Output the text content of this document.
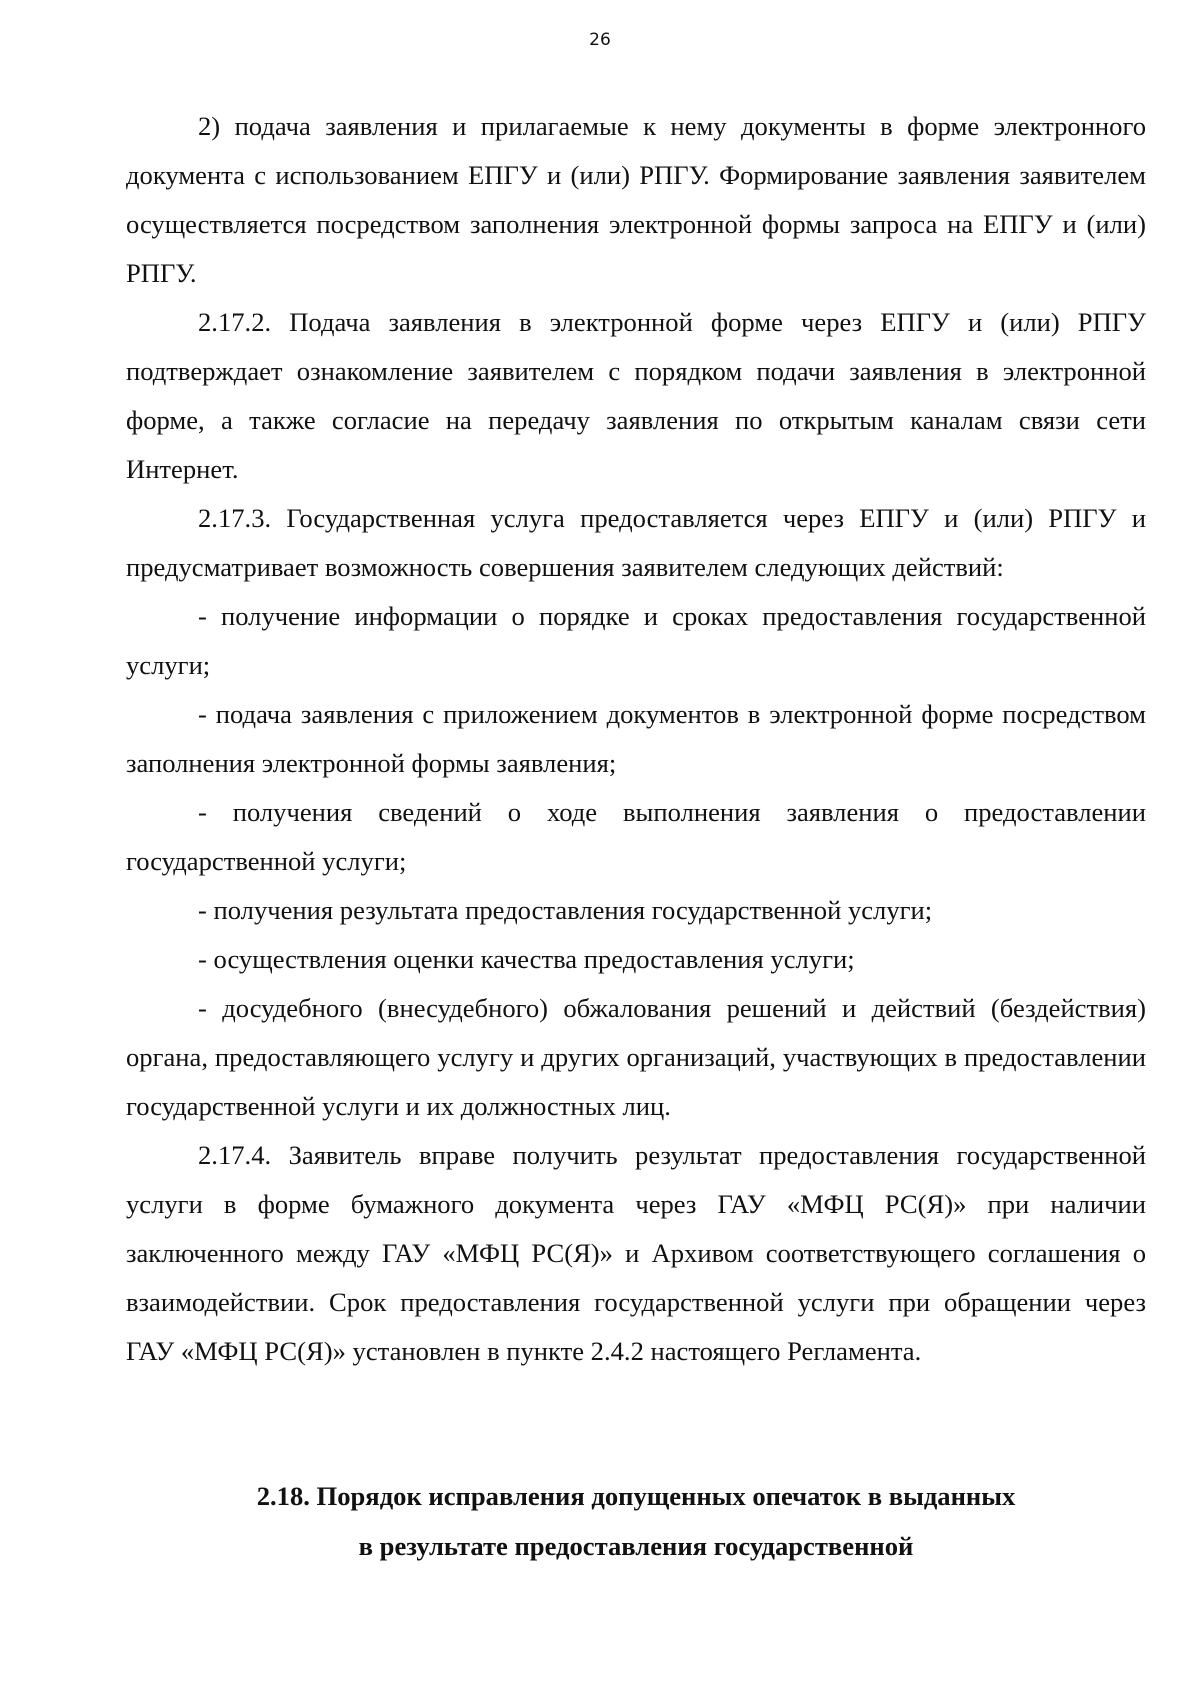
26

2) подача заявления и прилагаемые к нему документы в форме электронного документа с использованием ЕПГУ и (или) РПГУ. Формирование заявления заявителем осуществляется посредством заполнения электронной формы запроса на ЕПГУ и (или) РПГУ.

2.17.2. Подача заявления в электронной форме через ЕПГУ и (или) РПГУ подтверждает ознакомление заявителем с порядком подачи заявления в электронной форме, а также согласие на передачу заявления по открытым каналам связи сети Интернет.

2.17.3. Государственная услуга предоставляется через ЕПГУ и (или) РПГУ и предусматривает возможность совершения заявителем следующих действий:

- получение информации о порядке и сроках предоставления государственной услуги;

- подача заявления с приложением документов в электронной форме посредством заполнения электронной формы заявления;

- получения сведений о ходе выполнения заявления о предоставлении государственной услуги;

- получения результата предоставления государственной услуги;

- осуществления оценки качества предоставления услуги;

- досудебного (внесудебного) обжалования решений и действий (бездействия) органа, предоставляющего услугу и других организаций, участвующих в предоставлении государственной услуги и их должностных лиц.

2.17.4. Заявитель вправе получить результат предоставления государственной услуги в форме бумажного документа через ГАУ «МФЦ РС(Я)» при наличии заключенного между ГАУ «МФЦ РС(Я)» и Архивом соответствующего соглашения о взаимодействии. Срок предоставления государственной услуги при обращении через ГАУ «МФЦ РС(Я)» установлен в пункте 2.4.2 настоящего Регламента.

2.18. Порядок исправления допущенных опечаток в выданных
в результате предоставления государственной
